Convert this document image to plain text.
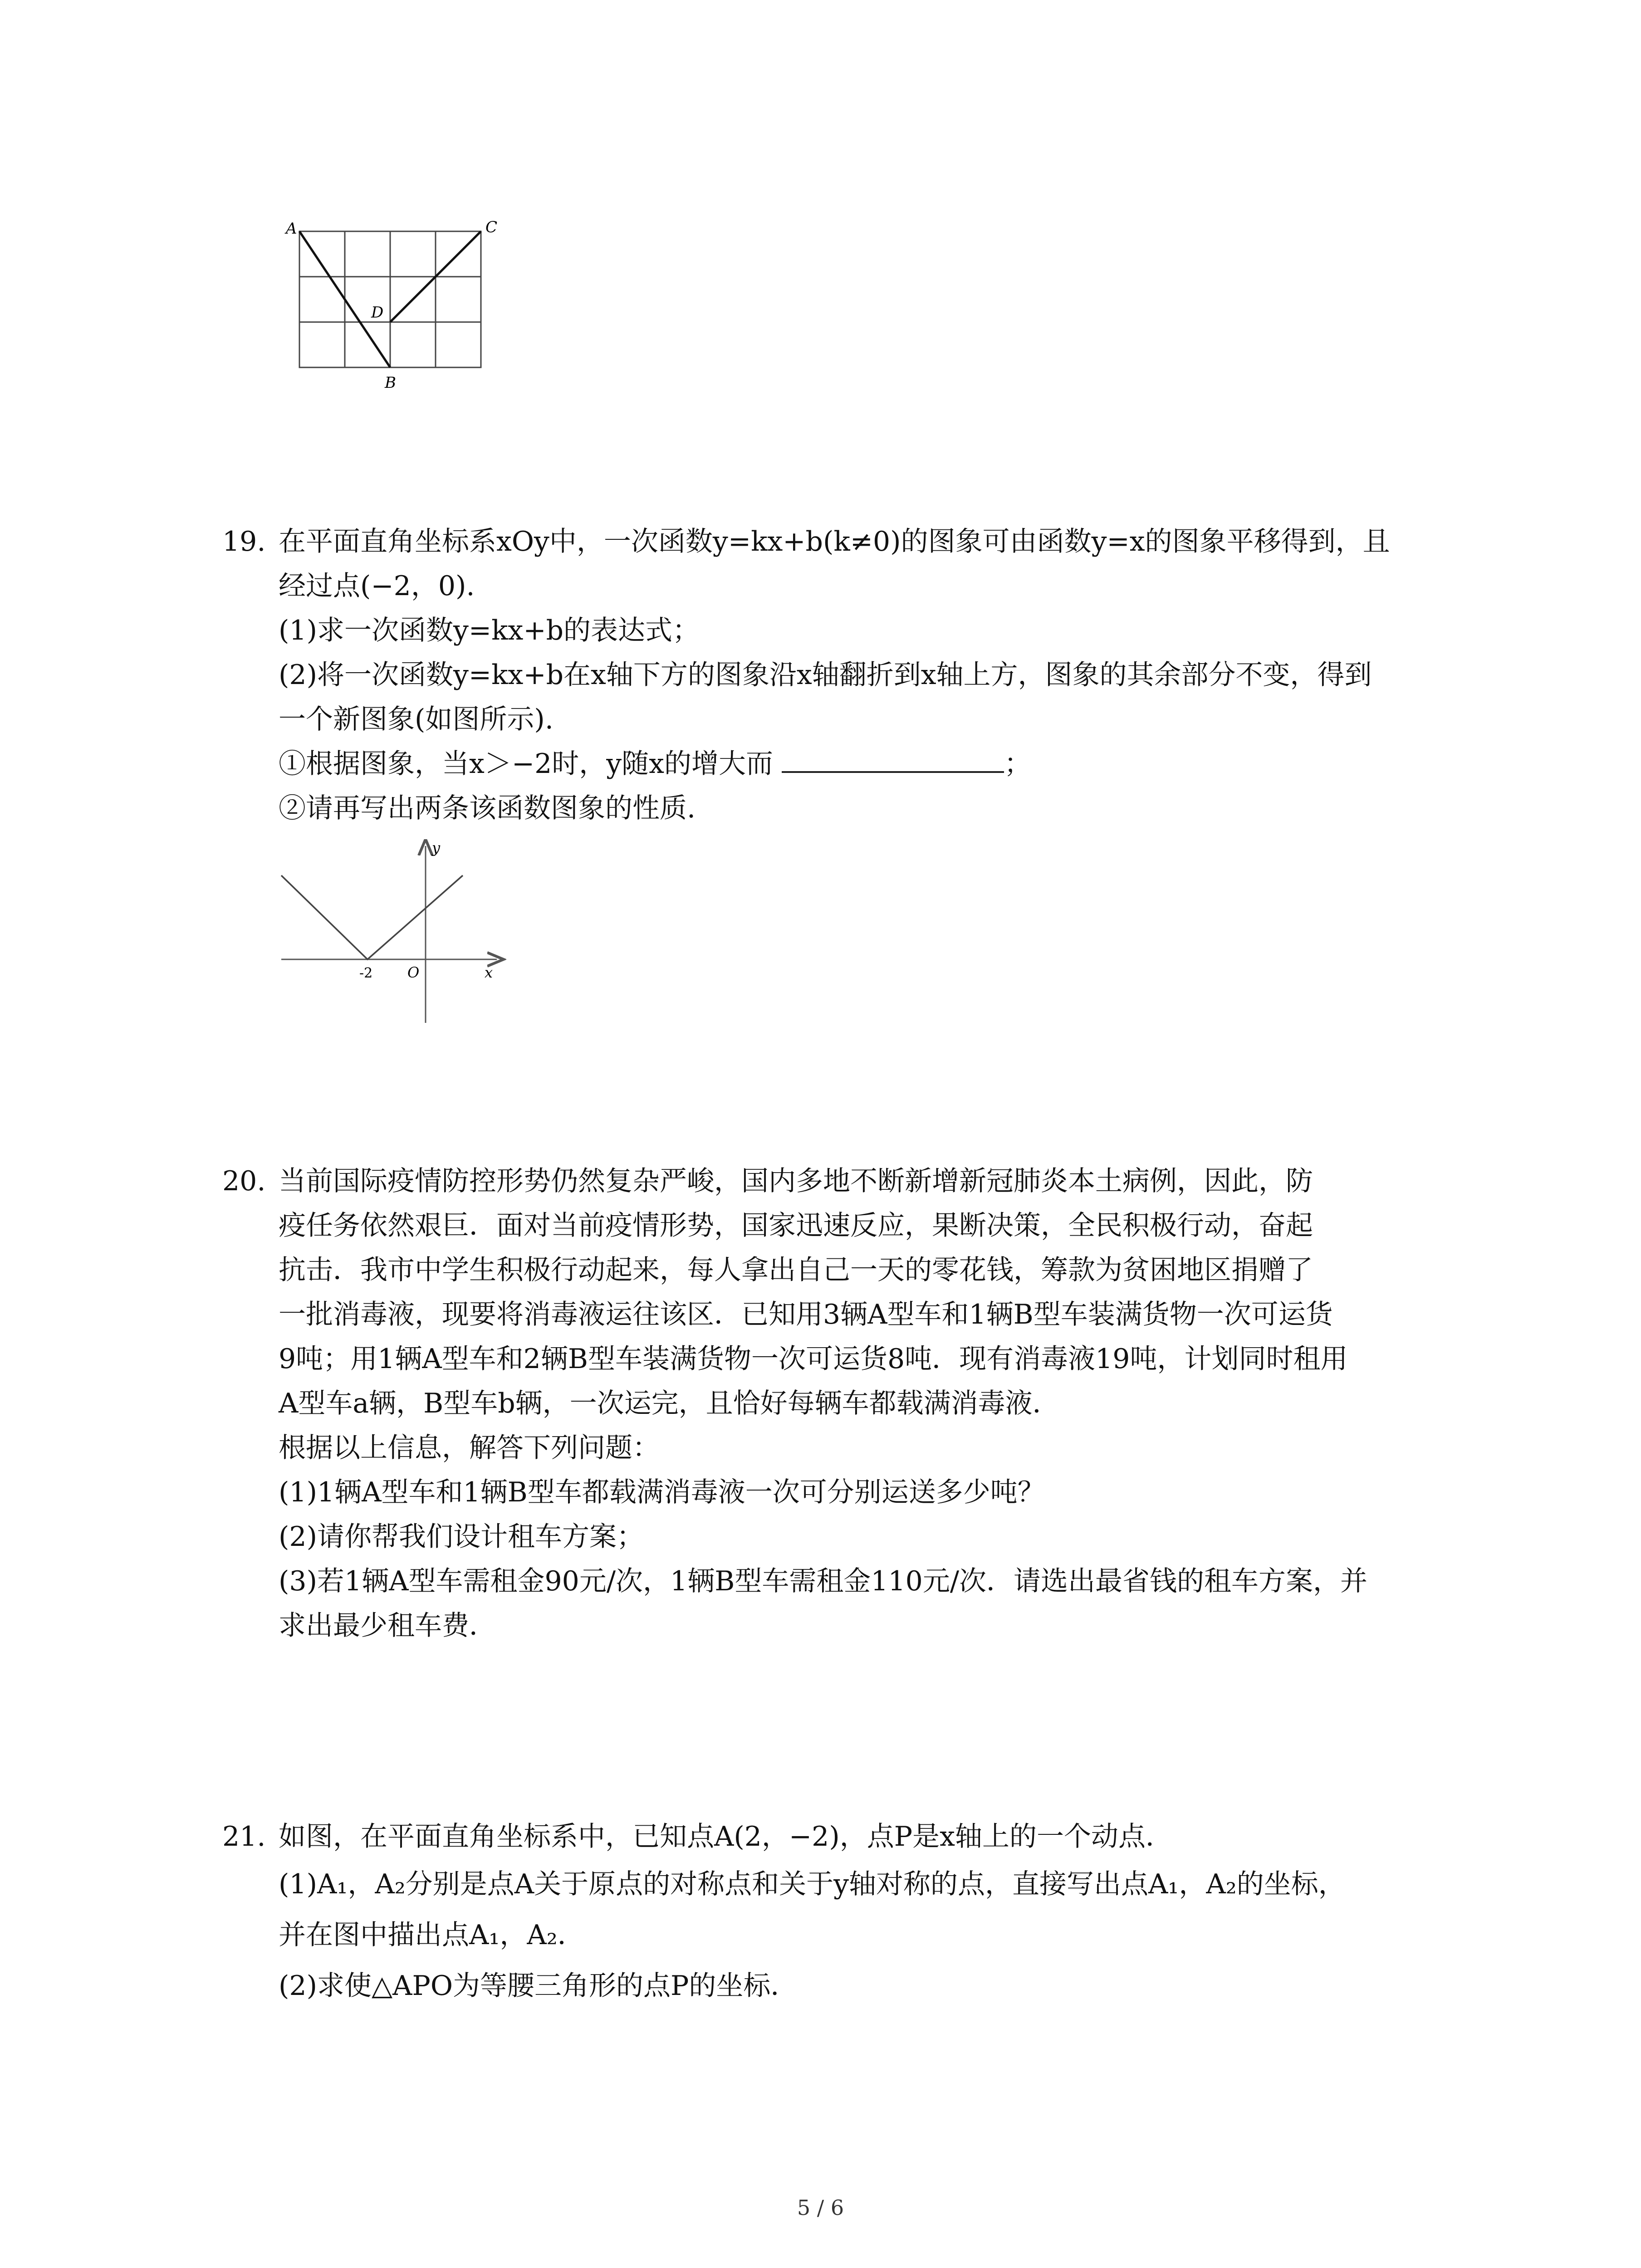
A	C
D
B
19. 在平面直角坐标系xOy中，一次函数y=kx+b(k≠0)的图象可由函数y=x的图象平移得到，且
经过点(−2，0).
(1)求一次函数y=kx+b的表达式；
(2)将一次函数y=kx+b在x轴下方的图象沿x轴翻折到x轴上方，图象的其余部分不变，得到
一个新图象(如图所示).
①根据图象，当x＞−2时，y随x的增大而	；
②请再写出两条该函数图象的性质.
y
x
O
-2
20. 当前国际疫情防控形势仍然复杂严峻，国内多地不断新增新冠肺炎本土病例，因此，防
疫任务依然艰巨．面对当前疫情形势，国家迅速反应，果断决策，全民积极行动，奋起
抗击．我市中学生积极行动起来，每人拿出自己一天的零花钱，筹款为贫困地区捐赠了
一批消毒液，现要将消毒液运往该区．已知用3辆A型车和1辆B型车装满货物一次可运货
9吨；用1辆A型车和2辆B型车装满货物一次可运货8吨．现有消毒液19吨，计划同时租用
A型车a辆，B型车b辆，一次运完，且恰好每辆车都载满消毒液．
根据以上信息，解答下列问题：
(1)1辆A型车和1辆B型车都载满消毒液一次可分别运送多少吨？
(2)请你帮我们设计租车方案；
(3)若1辆A型车需租金90元/次，1辆B型车需租金110元/次．请选出最省钱的租车方案，并
求出最少租车费．
21. 如图，在平面直角坐标系中，已知点A(2，−2)，点P是x轴上的一个动点．
(1)A₁，A₂分别是点A关于原点的对称点和关于y轴对称的点，直接写出点A₁，A₂的坐标，
并在图中描出点A₁，A₂．
(2)求使△APO为等腰三角形的点P的坐标．
5 / 6
